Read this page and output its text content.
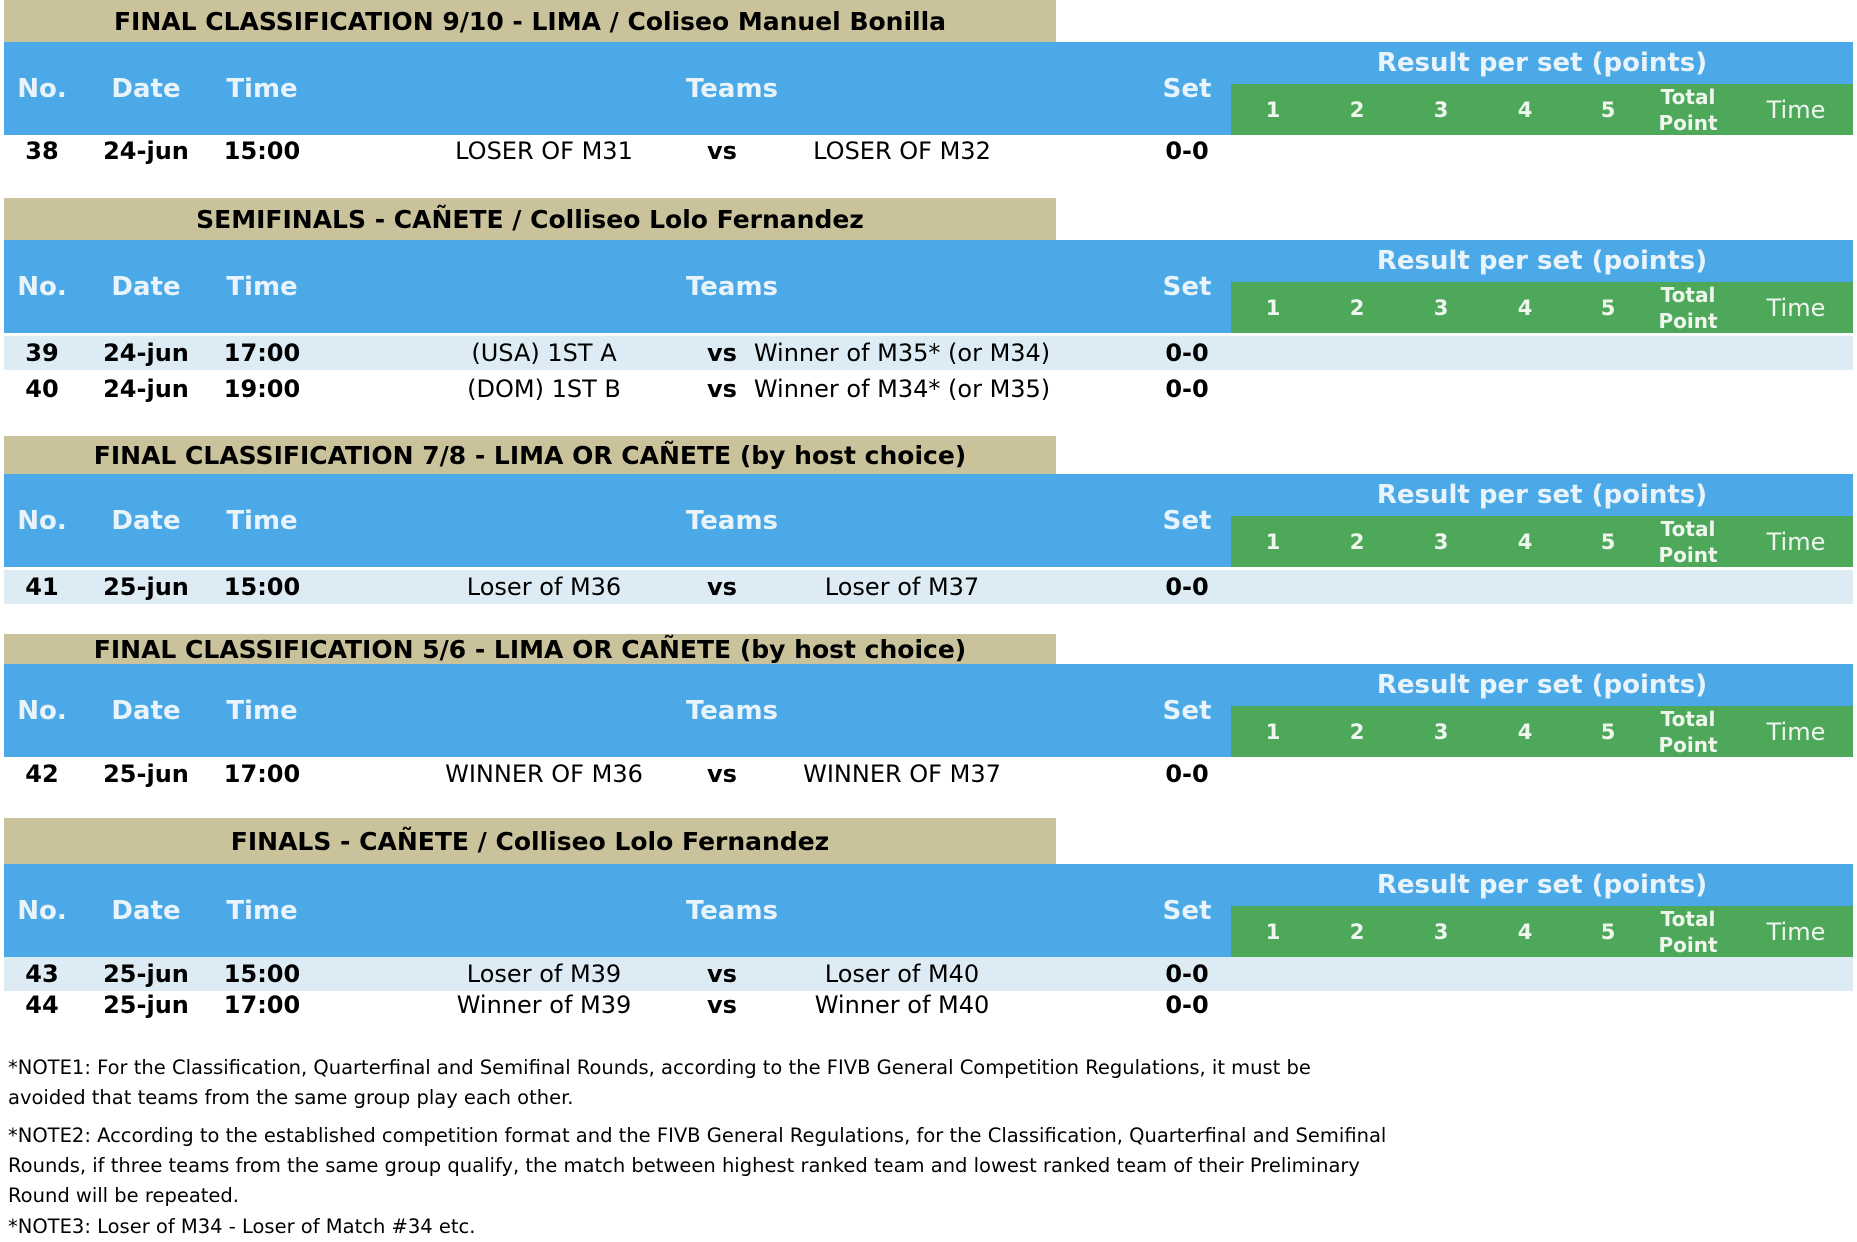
FINAL CLASSIFICATION 9/10 - LIMA / Coliseo Manuel Bonilla
No.	Date	Time	Teams	Set
Result per set (points)
1	2	3	4	5
Total
Point	Time
38	24-jun	15:00	LOSER OF M31	vs	LOSER OF M32	0-0
SEMIFINALS - CAÑETE / Colliseo Lolo Fernandez
No.	Date	Time	Teams	Set
Result per set (points)
1	2	3	4	5
Total
Point	Time
39	24-jun	17:00	(USA) 1ST A	vs Winner of M35* (or M34)	0-0
40	24-jun	19:00	(DOM) 1ST B	vs Winner of M34* (or M35)	0-0
FINAL CLASSIFICATION 7/8 - LIMA OR CAÑETE (by host choice)
No.	Date	Time	Teams	Set
Result per set (points)
1	2	3	4	5
Total
Point	Time
41	25-jun	15:00	Loser of M36	vs	Loser of M37	0-0
FINAL CLASSIFICATION 5/6 - LIMA OR CAÑETE (by host choice)
No.	Date	Time	Teams	Set
Result per set (points)
1	2	3	4	5
Total
Point	Time
42	25-jun	17:00	WINNER OF M36	vs	WINNER OF M37	0-0
FINALS - CAÑETE / Colliseo Lolo Fernandez
No.	Date	Time	Teams	Set
Result per set (points)
1	2	3	4	5
Total
Point	Time
43	25-jun	15:00	Loser of M39	vs	Loser of M40	0-0
44	25-jun	17:00	Winner of M39	vs	Winner of M40	0-0
*NOTE1: For the Classification, Quarterfinal and Semifinal Rounds, according to the FIVB General Competition Regulations, it must be avoided that teams from the same group play each other.
*NOTE2: According to the established competition format and the FIVB General Regulations, for the Classification, Quarterfinal and Semifinal Rounds, if three teams from the same group qualify, the match between highest ranked team and lowest ranked team of their Preliminary Round will be repeated.
*NOTE3: Loser of M34 - Loser of Match #34 etc.
